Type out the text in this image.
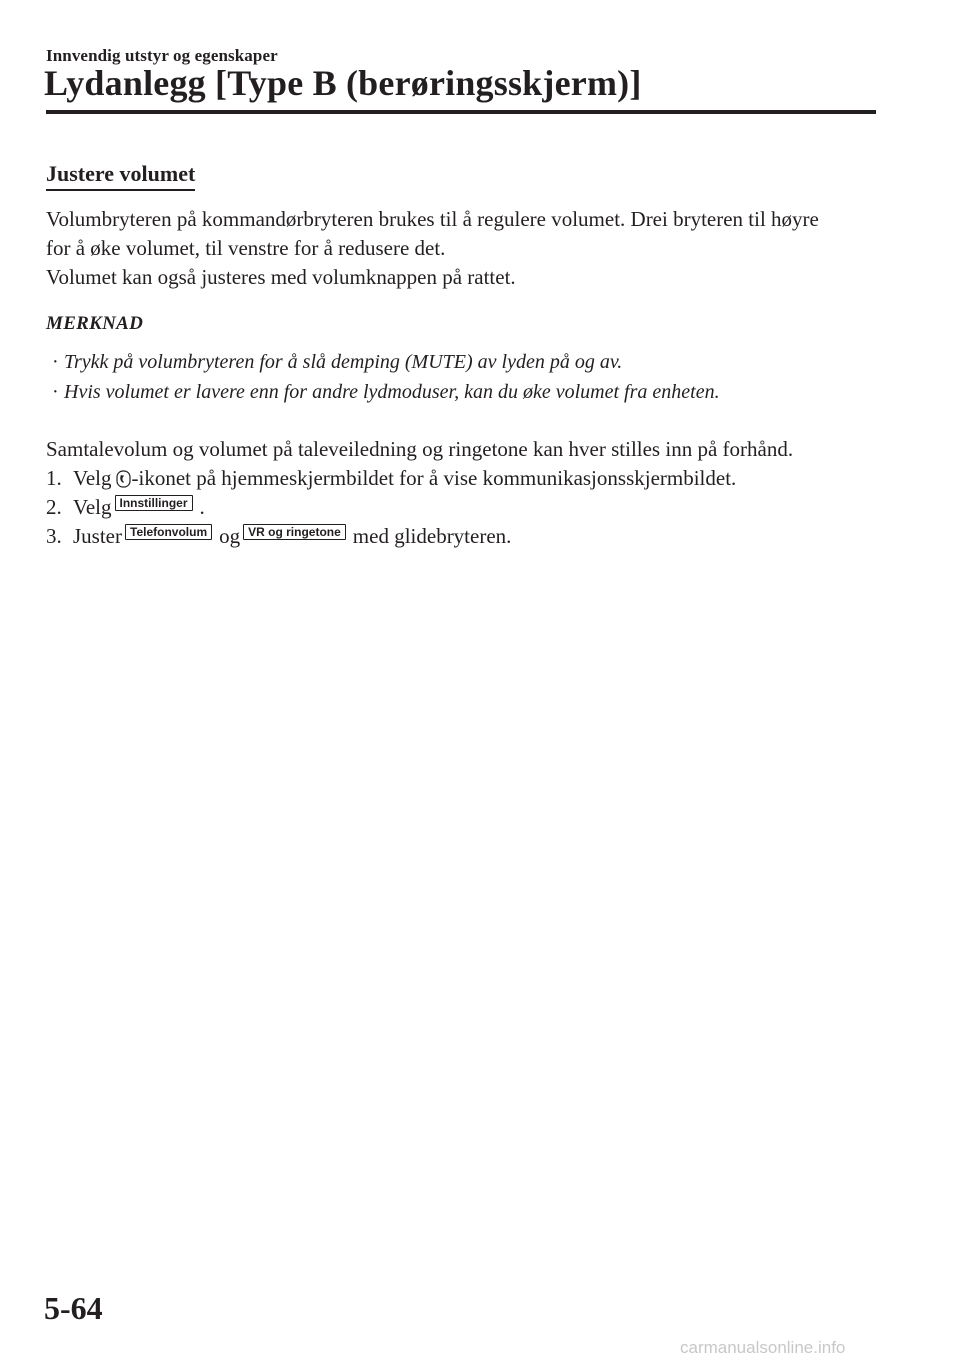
Innvendig utstyr og egenskaper
Lydanlegg [Type B (berøringsskjerm)]
Justere volumet

Volumbryteren på kommandørbryteren brukes til å regulere volumet. Drei bryteren til høyre

for å øke volumet, til venstre for å redusere det.

Volumet kan også justeres med volumknappen på rattet.

MERKNAD
· Trykk på volumbryteren for å slå demping (MUTE) av lyden på og av.
· Hvis volumet er lavere enn for andre lydmoduser, kan du øke volumet fra enheten.

Samtalevolum og volumet på taleveiledning og ringetone kan hver stilles inn på forhånd.

1. Velg -ikonet på hjemmeskjermbildet for å vise kommunikasjonsskjermbildet.
2. Velg Innstillinger .
3. Juster Telefonvolum og VR og ringetone med glidebryteren.
5-64
carmanualsonline.info
